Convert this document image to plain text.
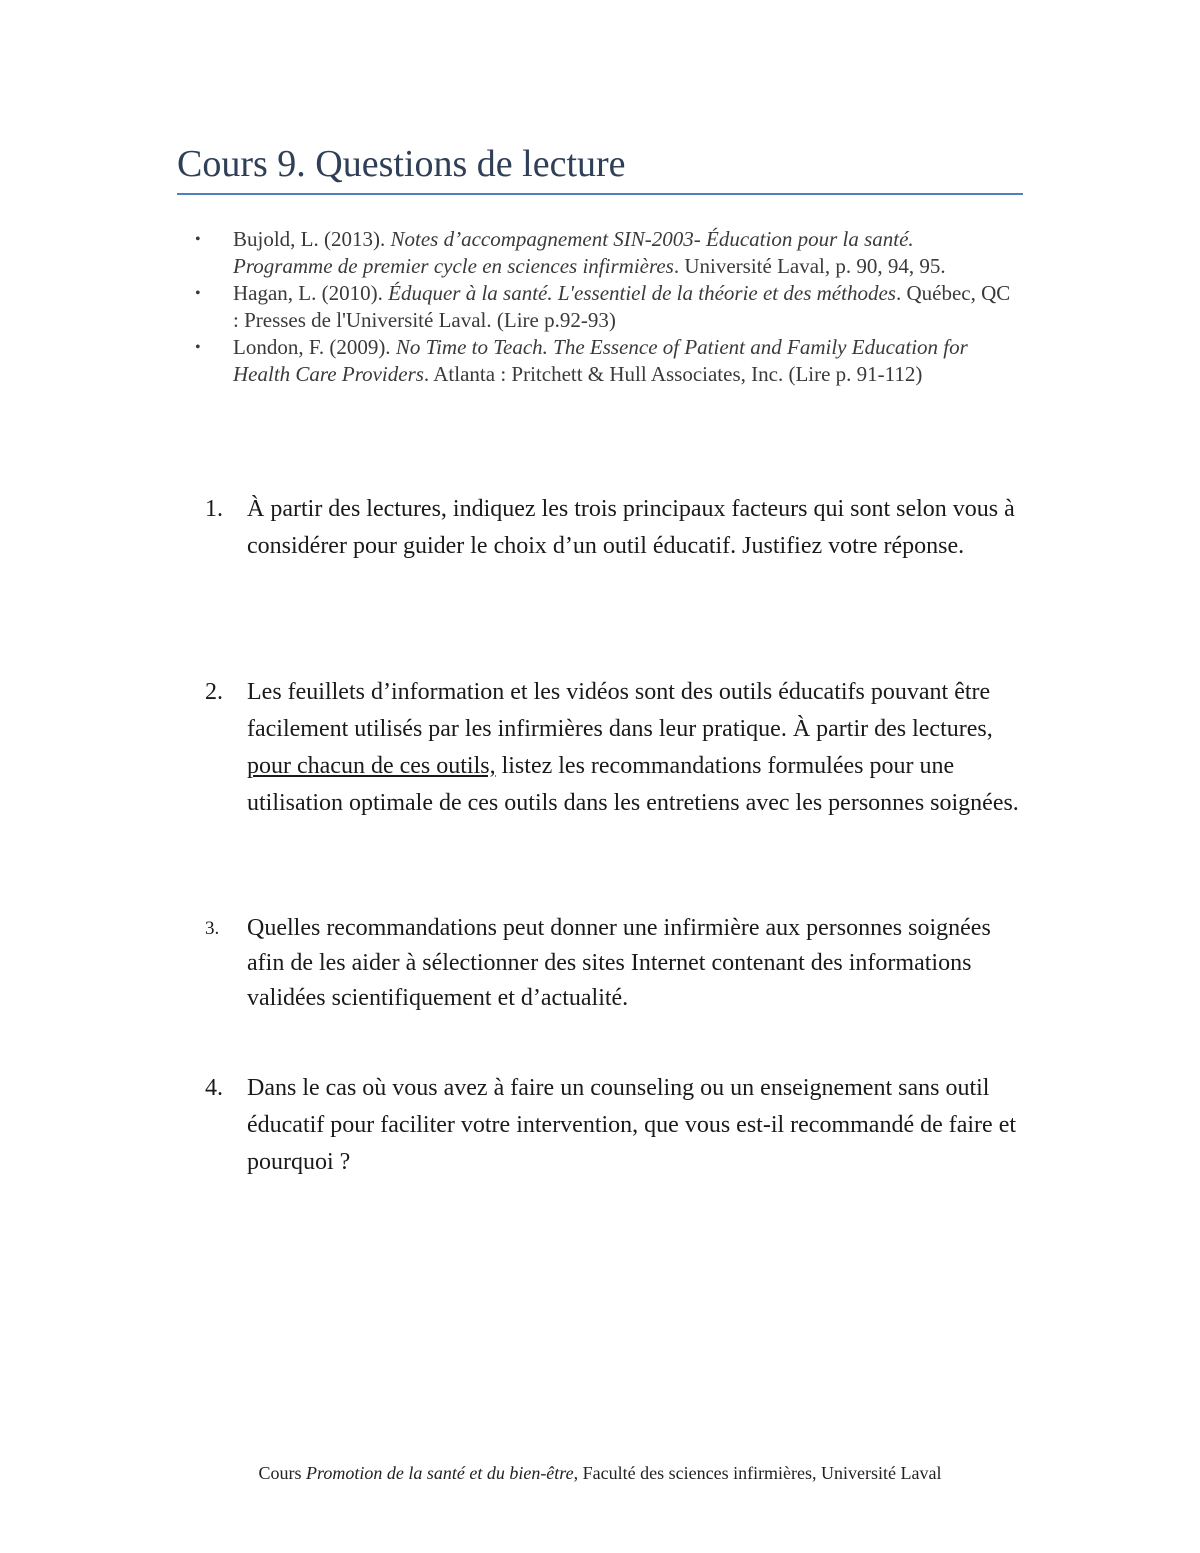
Cours 9. Questions de lecture
• Bujold, L. (2013). Notes d’accompagnement SIN-2003- Éducation pour la santé. Programme de premier cycle en sciences infirmières. Université Laval, p. 90, 94, 95.
• Hagan, L. (2010). Éduquer à la santé. L'essentiel de la théorie et des méthodes. Québec, QC : Presses de l'Université Laval. (Lire p.92-93)
• London, F. (2009). No Time to Teach. The Essence of Patient and Family Education for Health Care Providers. Atlanta : Pritchett & Hull Associates, Inc. (Lire p. 91-112)
1.	À partir des lectures, indiquez les trois principaux facteurs qui sont selon vous à considérer pour guider le choix d’un outil éducatif. Justifiez votre réponse.
2.	Les feuillets d’information et les vidéos sont des outils éducatifs pouvant être facilement utilisés par les infirmières dans leur pratique. À partir des lectures, pour chacun de ces outils, listez les recommandations formulées pour une utilisation optimale de ces outils dans les entretiens avec les personnes soignées.
3.	Quelles recommandations peut donner une infirmière aux personnes soignées afin de les aider à sélectionner des sites Internet contenant des informations validées scientifiquement et d’actualité.
4.	Dans le cas où vous avez à faire un counseling ou un enseignement sans outil éducatif pour faciliter votre intervention, que vous est-il recommandé de faire et pourquoi ?
Cours Promotion de la santé et du bien-être, Faculté des sciences infirmières, Université Laval
